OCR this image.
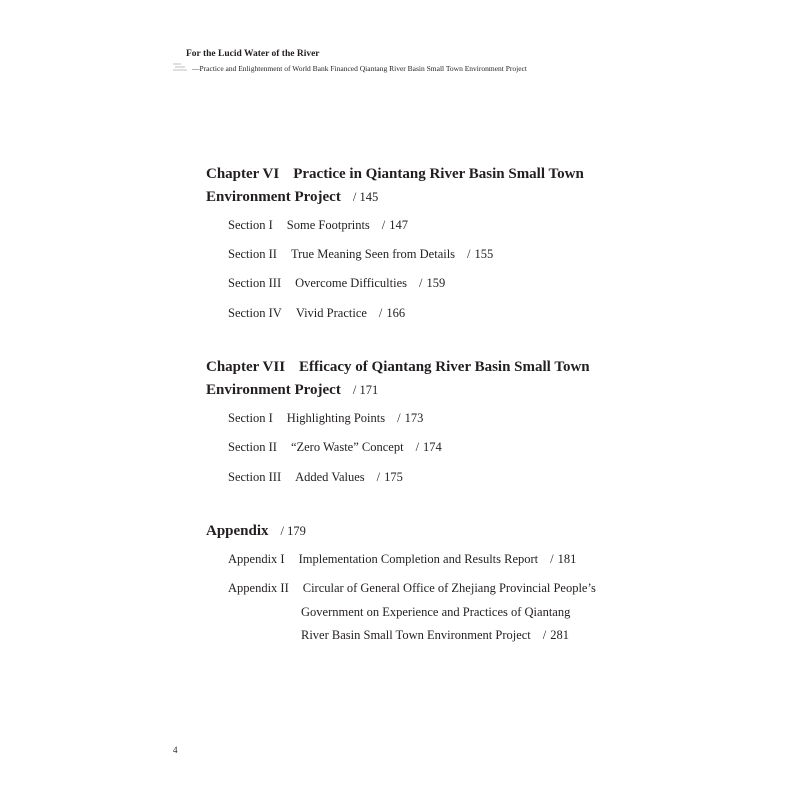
For the Lucid Water of the River
—Practice and Enlightenment of World Bank Financed Qiantang River Basin Small Town Environment Project
Chapter VI Practice in Qiantang River Basin Small Town
Environment Project / 145
Section I Some Footprints / 147
Section II True Meaning Seen from Details / 155
Section III Overcome Difficulties / 159
Section IV Vivid Practice / 166
Chapter VII Efficacy of Qiantang River Basin Small Town
Environment Project / 171
Section I Highlighting Points / 173
Section II “Zero Waste” Concept / 174
Section III Added Values / 175
Appendix / 179
Appendix I Implementation Completion and Results Report / 181
Appendix II Circular of General Office of Zhejiang Provincial People’s
Government on Experience and Practices of Qiantang
River Basin Small Town Environment Project / 281
4
